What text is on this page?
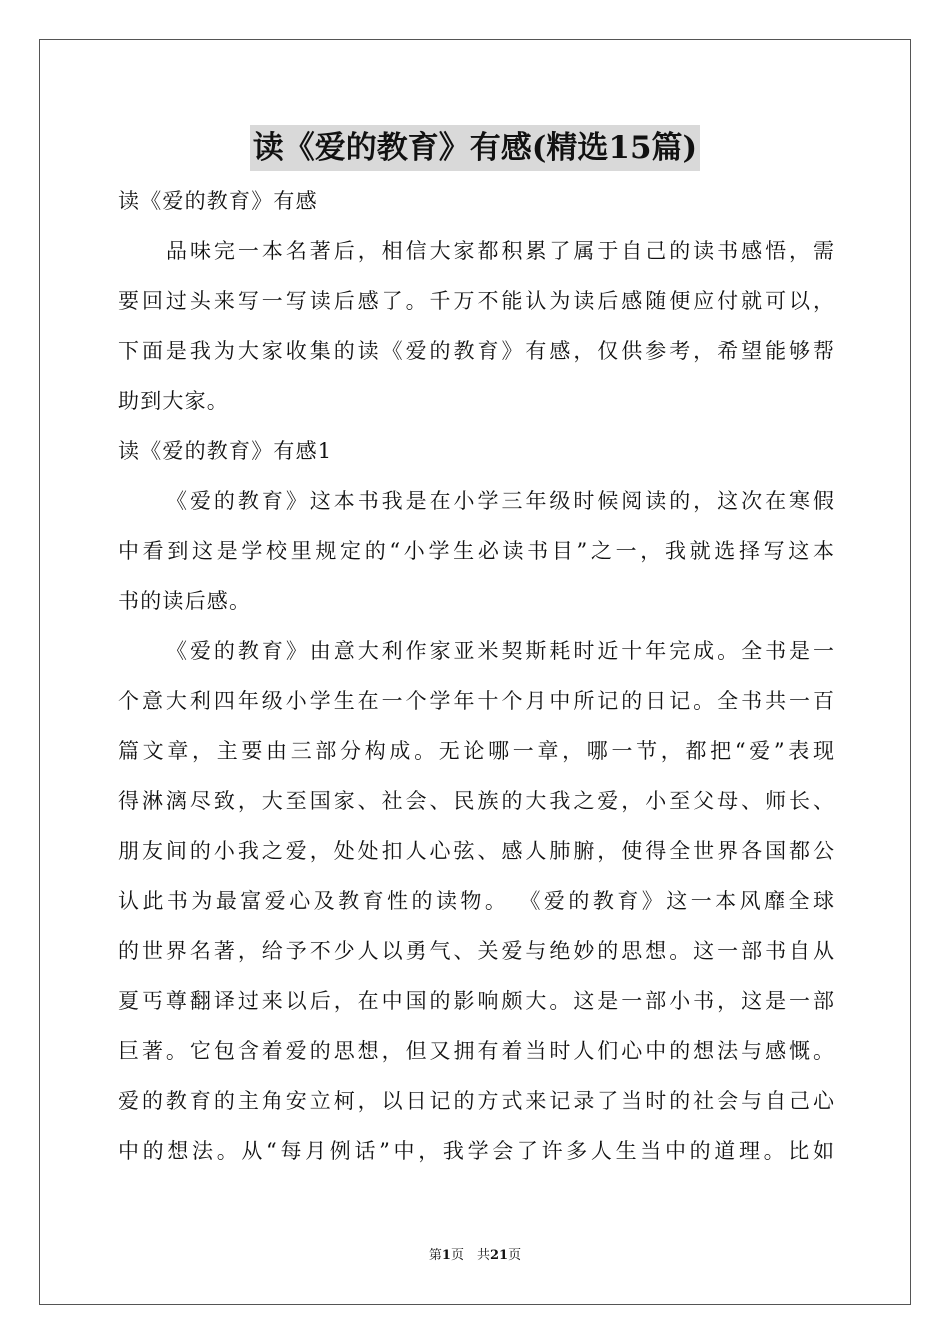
读《爱的教育》有感(精选15篇)
读《爱的教育》有感
品味完一本名著后，相信大家都积累了属于自己的读书感悟，需
要回过头来写一写读后感了。千万不能认为读后感随便应付就可以，
下面是我为大家收集的读《爱的教育》有感，仅供参考，希望能够帮
助到大家。
读《爱的教育》有感1
《爱的教育》这本书我是在小学三年级时候阅读的，这次在寒假
中看到这是学校里规定的“小学生必读书目”之一，我就选择写这本
书的读后感。
《爱的教育》由意大利作家亚米契斯耗时近十年完成。全书是一
个意大利四年级小学生在一个学年十个月中所记的日记。全书共一百
篇文章，主要由三部分构成。无论哪一章，哪一节，都把“爱”表现
得淋漓尽致，大至国家、社会、民族的大我之爱，小至父母、师长、
朋友间的小我之爱，处处扣人心弦、感人肺腑，使得全世界各国都公
认此书为最富爱心及教育性的读物。 《爱的教育》这一本风靡全球
的世界名著，给予不少人以勇气、关爱与绝妙的思想。这一部书自从
夏丐尊翻译过来以后，在中国的影响颇大。这是一部小书，这是一部
巨著。它包含着爱的思想，但又拥有着当时人们心中的想法与感慨。
爱的教育的主角安立柯，以日记的方式来记录了当时的社会与自己心
中的想法。从“每月例话”中，我学会了许多人生当中的道理。比如
第1页　共21页
